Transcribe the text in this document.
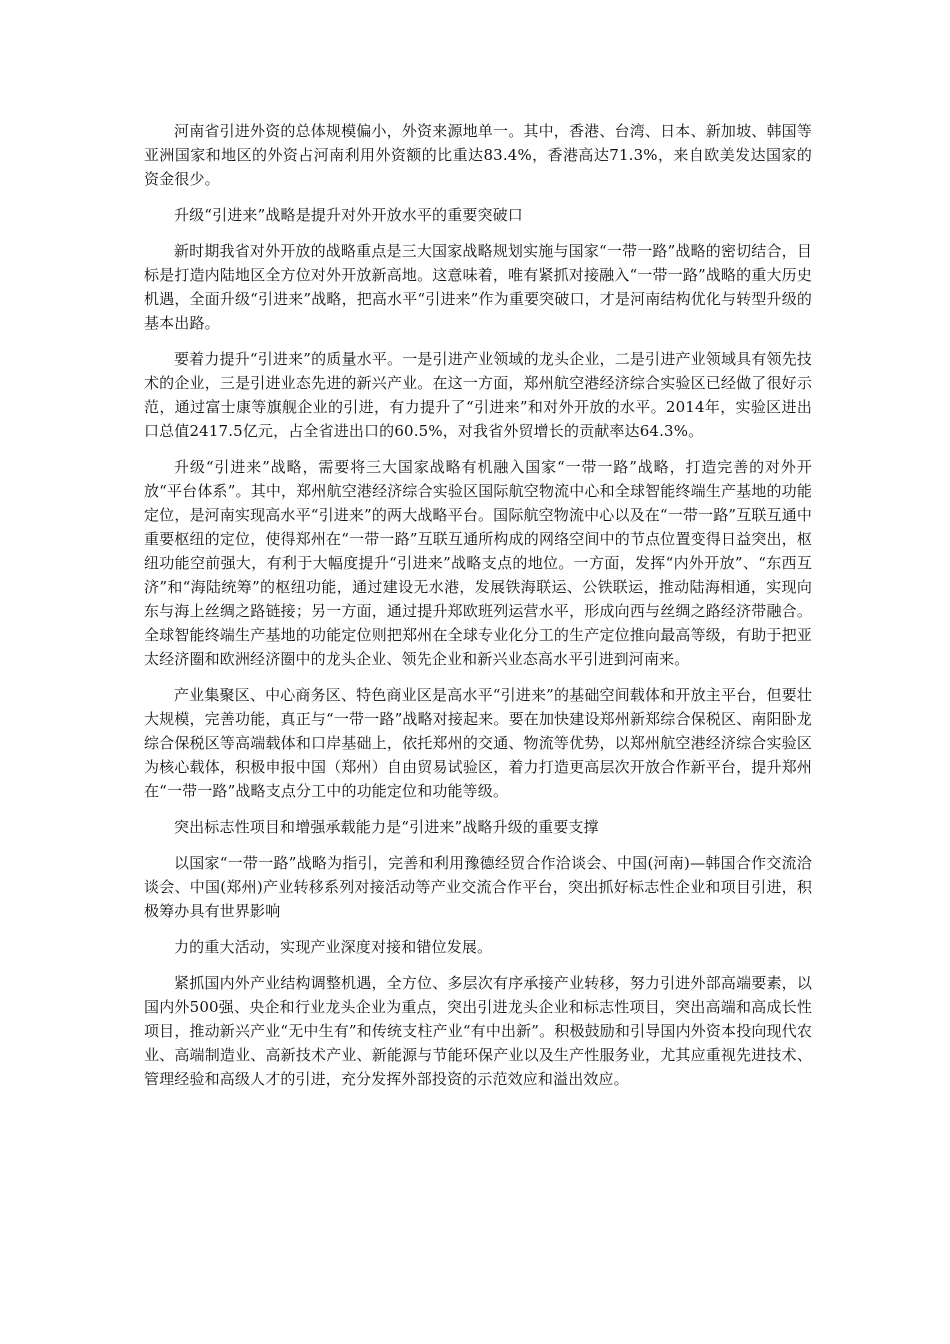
河南省引进外资的总体规模偏小，外资来源地单一。其中，香港、台湾、日本、新加坡、韩国等亚洲国家和地区的外资占河南利用外资额的比重达83.4%，香港高达71.3%，来自欧美发达国家的资金很少。

升级“引进来”战略是提升对外开放水平的重要突破口

新时期我省对外开放的战略重点是三大国家战略规划实施与国家“一带一路”战略的密切结合，目标是打造内陆地区全方位对外开放新高地。这意味着，唯有紧抓对接融入“一带一路”战略的重大历史机遇，全面升级“引进来”战略，把高水平“引进来”作为重要突破口，才是河南结构优化与转型升级的基本出路。

要着力提升“引进来”的质量水平。一是引进产业领域的龙头企业，二是引进产业领域具有领先技术的企业，三是引进业态先进的新兴产业。在这一方面，郑州航空港经济综合实验区已经做了很好示范，通过富士康等旗舰企业的引进，有力提升了“引进来”和对外开放的水平。2014年，实验区进出口总值2417.5亿元，占全省进出口的60.5%，对我省外贸增长的贡献率达64.3%。

升级“引进来”战略，需要将三大国家战略有机融入国家“一带一路”战略，打造完善的对外开放“平台体系”。其中，郑州航空港经济综合实验区国际航空物流中心和全球智能终端生产基地的功能定位，是河南实现高水平“引进来”的两大战略平台。国际航空物流中心以及在“一带一路”互联互通中重要枢纽的定位，使得郑州在“一带一路”互联互通所构成的网络空间中的节点位置变得日益突出，枢纽功能空前强大，有利于大幅度提升“引进来”战略支点的地位。一方面，发挥“内外开放”、“东西互济”和“海陆统筹”的枢纽功能，通过建设无水港，发展铁海联运、公铁联运，推动陆海相通，实现向东与海上丝绸之路链接；另一方面，通过提升郑欧班列运营水平，形成向西与丝绸之路经济带融合。全球智能终端生产基地的功能定位则把郑州在全球专业化分工的生产定位推向最高等级，有助于把亚太经济圈和欧洲经济圈中的龙头企业、领先企业和新兴业态高水平引进到河南来。

产业集聚区、中心商务区、特色商业区是高水平“引进来”的基础空间载体和开放主平台，但要壮大规模，完善功能，真正与“一带一路”战略对接起来。要在加快建设郑州新郑综合保税区、南阳卧龙综合保税区等高端载体和口岸基础上，依托郑州的交通、物流等优势，以郑州航空港经济综合实验区为核心载体，积极申报中国（郑州）自由贸易试验区，着力打造更高层次开放合作新平台，提升郑州在“一带一路”战略支点分工中的功能定位和功能等级。

突出标志性项目和增强承载能力是“引进来”战略升级的重要支撑

以国家“一带一路”战略为指引，完善和利用豫德经贸合作洽谈会、中国(河南)—韩国合作交流洽谈会、中国(郑州)产业转移系列对接活动等产业交流合作平台，突出抓好标志性企业和项目引进，积极筹办具有世界影响

力的重大活动，实现产业深度对接和错位发展。

紧抓国内外产业结构调整机遇，全方位、多层次有序承接产业转移，努力引进外部高端要素，以国内外500强、央企和行业龙头企业为重点，突出引进龙头企业和标志性项目，突出高端和高成长性项目，推动新兴产业“无中生有”和传统支柱产业“有中出新”。积极鼓励和引导国内外资本投向现代农业、高端制造业、高新技术产业、新能源与节能环保产业以及生产性服务业，尤其应重视先进技术、管理经验和高级人才的引进，充分发挥外部投资的示范效应和溢出效应。
